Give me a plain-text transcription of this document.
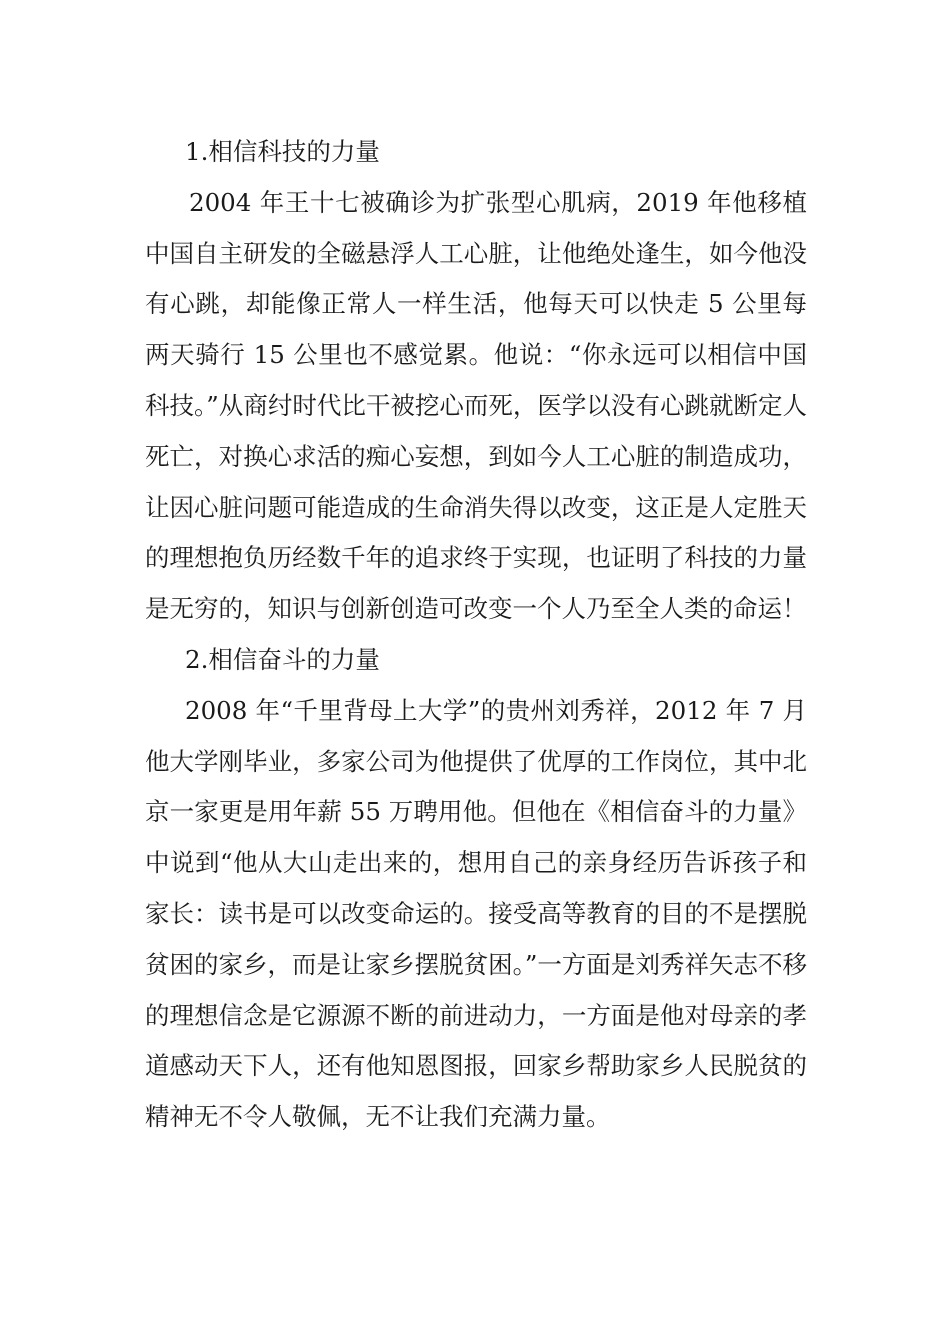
1.相信科技的力量

2004 年王十七被确诊为扩张型心肌病，2019 年他移植中国自主研发的全磁悬浮人工心脏，让他绝处逢生，如今他没有心跳，却能像正常人一样生活，他每天可以快走 5 公里每两天骑行 15 公里也不感觉累。他说：“你永远可以相信中国科技。”从商纣时代比干被挖心而死，医学以没有心跳就断定人死亡，对换心求活的痴心妄想，到如今人工心脏的制造成功，让因心脏问题可能造成的生命消失得以改变，这正是人定胜天的理想抱负历经数千年的追求终于实现，也证明了科技的力量是无穷的，知识与创新创造可改变一个人乃至全人类的命运！

2.相信奋斗的力量

2008 年“千里背母上大学”的贵州刘秀祥，2012 年 7 月他大学刚毕业，多家公司为他提供了优厚的工作岗位，其中北京一家更是用年薪 55 万聘用他。但他在《相信奋斗的力量》中说到“他从大山走出来的，想用自己的亲身经历告诉孩子和家长：读书是可以改变命运的。接受高等教育的目的不是摆脱贫困的家乡，而是让家乡摆脱贫困。”一方面是刘秀祥矢志不移的理想信念是它源源不断的前进动力，一方面是他对母亲的孝道感动天下人，还有他知恩图报，回家乡帮助家乡人民脱贫的精神无不令人敬佩，无不让我们充满力量。
